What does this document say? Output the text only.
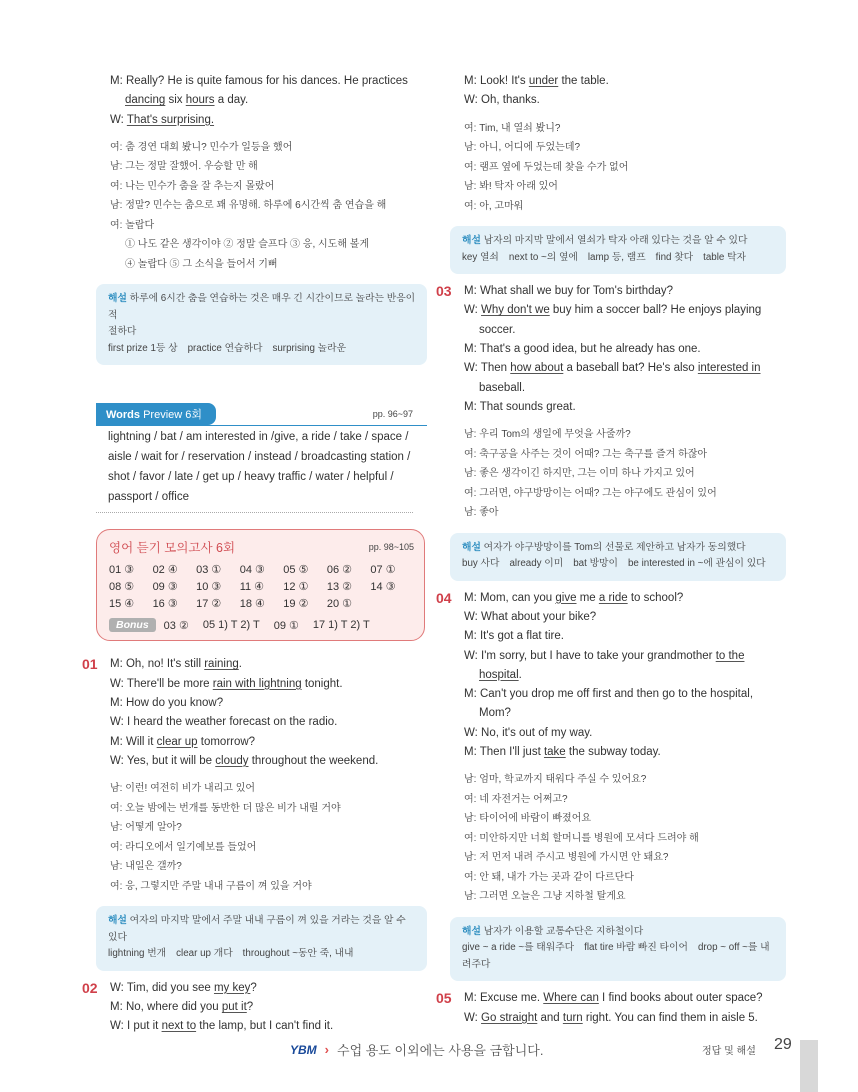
M: Really? He is quite famous for his dances. He practices
dancing six hours a day.
W: That's surprising.
여: 춤 경연 대회 봤니? 민수가 일등을 했어
남: 그는 정말 잘했어. 우승할 만 해
여: 나는 민수가 춤을 잘 추는지 몰랐어
남: 정말? 민수는 춤으로 꽤 유명해. 하루에 6시간씩 춤 연습을 해
여: 놀랍다
① 나도 같은 생각이야 ② 정말 슬프다 ③ 응, 시도해 볼게
④ 놀랍다 ⑤ 그 소식을 들어서 기뻐
해설 하루에 6시간 춤을 연습하는 것은 매우 긴 시간이므로 놀라는 반응이 적
절하다
first prize 1등 상 practice 연습하다 surprising 놀라운
Words Preview 6회	pp. 96~97
lightning / bat / am interested in /give, a ride / take / space /
aisle / wait for / reservation / instead / broadcasting station /
shot / favor / late / get up / heavy traffic / water / helpful /
passport / office
영어 듣기 모의고사 6회	pp. 98~105
01 ③	02 ④	03 ①	04 ③	05 ⑤	06 ②	07 ①
08 ⑤	09 ③	10 ③	11 ④	12 ①	13 ②	14 ③
15 ④	16 ③	17 ②	18 ④	19 ②	20 ①
Bonus	03 ② 05 1) T 2) T 09 ① 17 1) T 2) T
01 M: Oh, no! It's still raining.
W: There'll be more rain with lightning tonight.
M: How do you know?
W: I heard the weather forecast on the radio.
M: Will it clear up tomorrow?
W: Yes, but it will be cloudy throughout the weekend.
남: 이런! 여전히 비가 내리고 있어
여: 오늘 밤에는 번개를 동반한 더 많은 비가 내릴 거야
남: 어떻게 알아?
여: 라디오에서 일기예보를 들었어
남: 내일은 갤까?
여: 응, 그렇지만 주말 내내 구름이 껴 있을 거야
해설 여자의 마지막 말에서 주말 내내 구름이 껴 있을 거라는 것을 알 수 있다
lightning 번개 clear up 개다 throughout ~동안 죽, 내내
02 W: Tim, did you see my key?
M: No, where did you put it?
W: I put it next to the lamp, but I can't find it.
M: Look! It's under the table.
W: Oh, thanks.
여: Tim, 내 열쇠 봤니?
남: 아니, 어디에 두었는데?
여: 램프 옆에 두었는데 찾을 수가 없어
남: 봐! 탁자 아래 있어
여: 아, 고마워
해설 남자의 마지막 말에서 열쇠가 탁자 아래 있다는 것을 알 수 있다
key 열쇠 next to ~의 옆에 lamp 등, 램프 find 찾다 table 탁자
03 M: What shall we buy for Tom's birthday?
W: Why don't we buy him a soccer ball? He enjoys playing
soccer.
M: That's a good idea, but he already has one.
W: Then how about a baseball bat? He's also interested in
baseball.
M: That sounds great.
남: 우리 Tom의 생일에 무엇을 사줄까?
여: 축구공을 사주는 것이 어때? 그는 축구를 즐겨 하잖아
남: 좋은 생각이긴 하지만, 그는 이미 하나 가지고 있어
여: 그러면, 야구방망이는 어때? 그는 야구에도 관심이 있어
남: 좋아
해설 여자가 야구방망이를 Tom의 선물로 제안하고 남자가 동의했다
buy 사다 already 이미 bat 방망이 be interested in ~에 관심이 있다
04 M: Mom, can you give me a ride to school?
W: What about your bike?
M: It's got a flat tire.
W: I'm sorry, but I have to take your grandmother to the
hospital.
M: Can't you drop me off first and then go to the hospital,
Mom?
W: No, it's out of my way.
M: Then I'll just take the subway today.
남: 엄마, 학교까지 태워다 주실 수 있어요?
여: 네 자전거는 어쩌고?
남: 타이어에 바람이 빠졌어요
여: 미안하지만 너희 할머니를 병원에 모셔다 드려야 해
남: 저 먼저 내려 주시고 병원에 가시면 안 돼요?
여: 안 돼, 내가 가는 곳과 같이 다르단다
남: 그러면 오늘은 그냥 지하철 탈게요
해설 남자가 이용할 교통수단은 지하철이다
give ~ a ride ~를 태워주다 flat tire 바람 빠진 타이어 drop ~ off ~를 내려주다
05 M: Excuse me. Where can I find books about outer space?
W: Go straight and turn right. You can find them in aisle 5.
YBM › 수업 용도 이외에는 사용을 금합니다.	정답 및 해설 29
